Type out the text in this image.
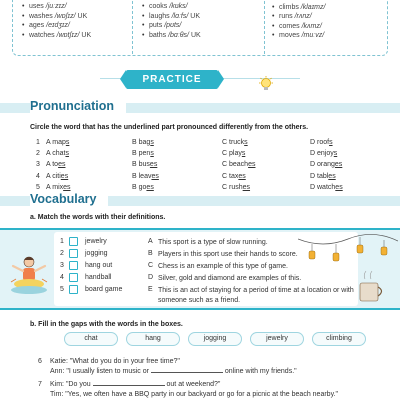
• uses /juːzɪz/
• washes /wɒʃɪz/ UK
• ages /eɪdʒɪz/
• watches /wɒtʃɪz/ UK
• cooks /kʊks/
• laughs /lɑːfs/ UK
• puts /pʊts/
• baths /bɑːθs/ UK
•
• climbs /klaɪmz/
• runs /rʌnz/
• comes /kʌmz/
• moves /muːvz/
PRACTICE
Pronunciation
Circle the word that has the underlined part pronounced differently from the others.
1 A maps	B bags	C trucks	D roofs
2 A chats	B pens	C plays	D enjoys
3 A toes	B buses	C beaches	D oranges
4 A cities	B leaves	C taxes	D tables
5 A mixes	B goes	C rushes	D watches
Vocabulary
a. Match the words with their definitions.
1	jewelry	A This sport is a type of slow running.
2	jogging	B Players in this sport use their hands to score.
3	hang out	C Chess is an example of this type of game.
4	handball	D Silver, gold and diamond are examples of this.
5	board game	E This is an act of staying for a period of time at a location or with someone such as a friend.
b. Fill in the gaps with the words in the boxes.
chat	hang	jogging	jewelry	climbing
6 Katie: "What do you do in your free time?"
Ann: "I usually listen to music or	online with my friends."
7 Kim: "Do you	out at weekend?"
Tim: "Yes, we often have a BBQ party in our backyard or go for a picnic at the beach nearby."
